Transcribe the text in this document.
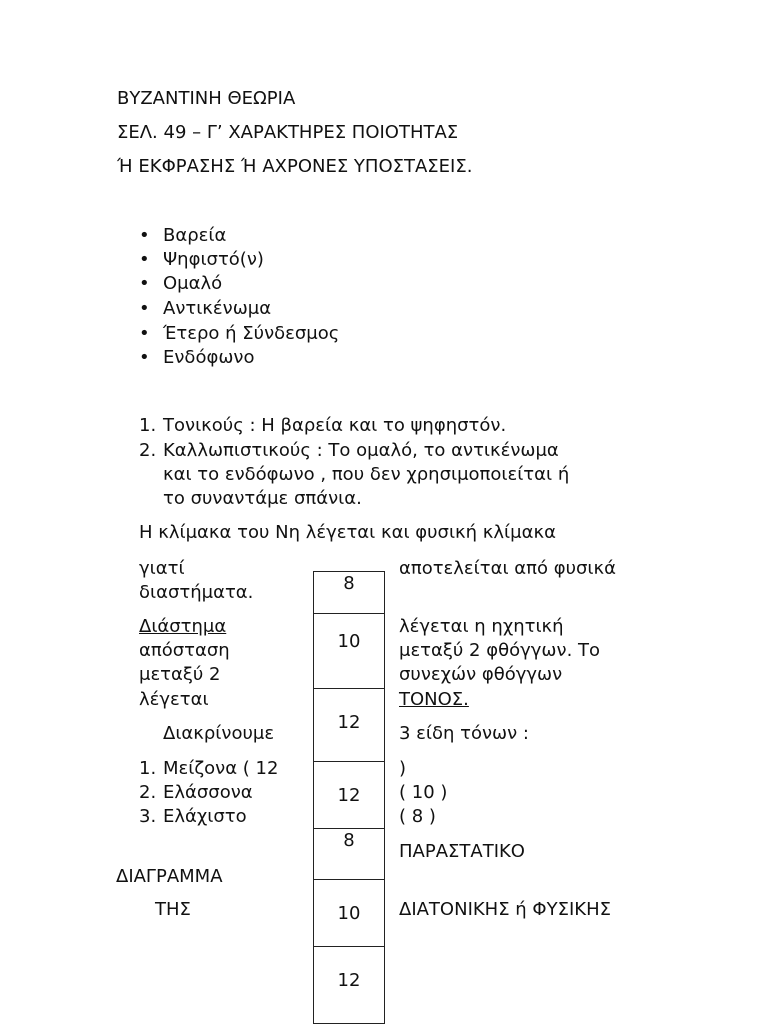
ΒΥΖΑΝΤΙΝΗ ΘΕΩΡΙΑ
ΣΕΛ. 49 – Γ’ ΧΑΡΑΚΤΗΡΕΣ ΠΟΙΟΤΗΤΑΣ
Ή ΕΚΦΡΑΣΗΣ Ή ΑΧΡΟΝΕΣ ΥΠΟΣΤΑΣΕΙΣ.
• Βαρεία
• Ψηφιστό(ν)
• Ομαλό
• Αντικένωμα
• Έτερο ή Σύνδεσμος
• Ενδόφωνο
1. Τονικούς : Η βαρεία και το ψηφηστόν.
2. Καλλωπιστικούς : Το ομαλό, το αντικένωμα
και το ενδόφωνο , που δεν χρησιμοποιείται ή
το συναντάμε σπάνια.
Η κλίμακα του Νη λέγεται και φυσική κλίμακα
γιατί
διαστήματα.
Διάστημα
απόσταση
μεταξύ 2
λέγεται
Διακρίνουμε
1. Μείζονα ( 12
2. Ελάσσονα
3. Ελάχιστο
ΔΙΑΓΡΑΜΜΑ
ΤΗΣ
αποτελείται από φυσικά
λέγεται η ηχητική
μεταξύ 2 φθόγγων. Το
συνεχών φθόγγων
ΤΟΝΟΣ.
3 είδη τόνων :
)
( 10 )
( 8 )
ΠΑΡΑΣΤΑΤΙΚΟ
ΔΙΑΤΟΝΙΚΗΣ ή ΦΥΣΙΚΗΣ
8
10
12
12
8
10
12
